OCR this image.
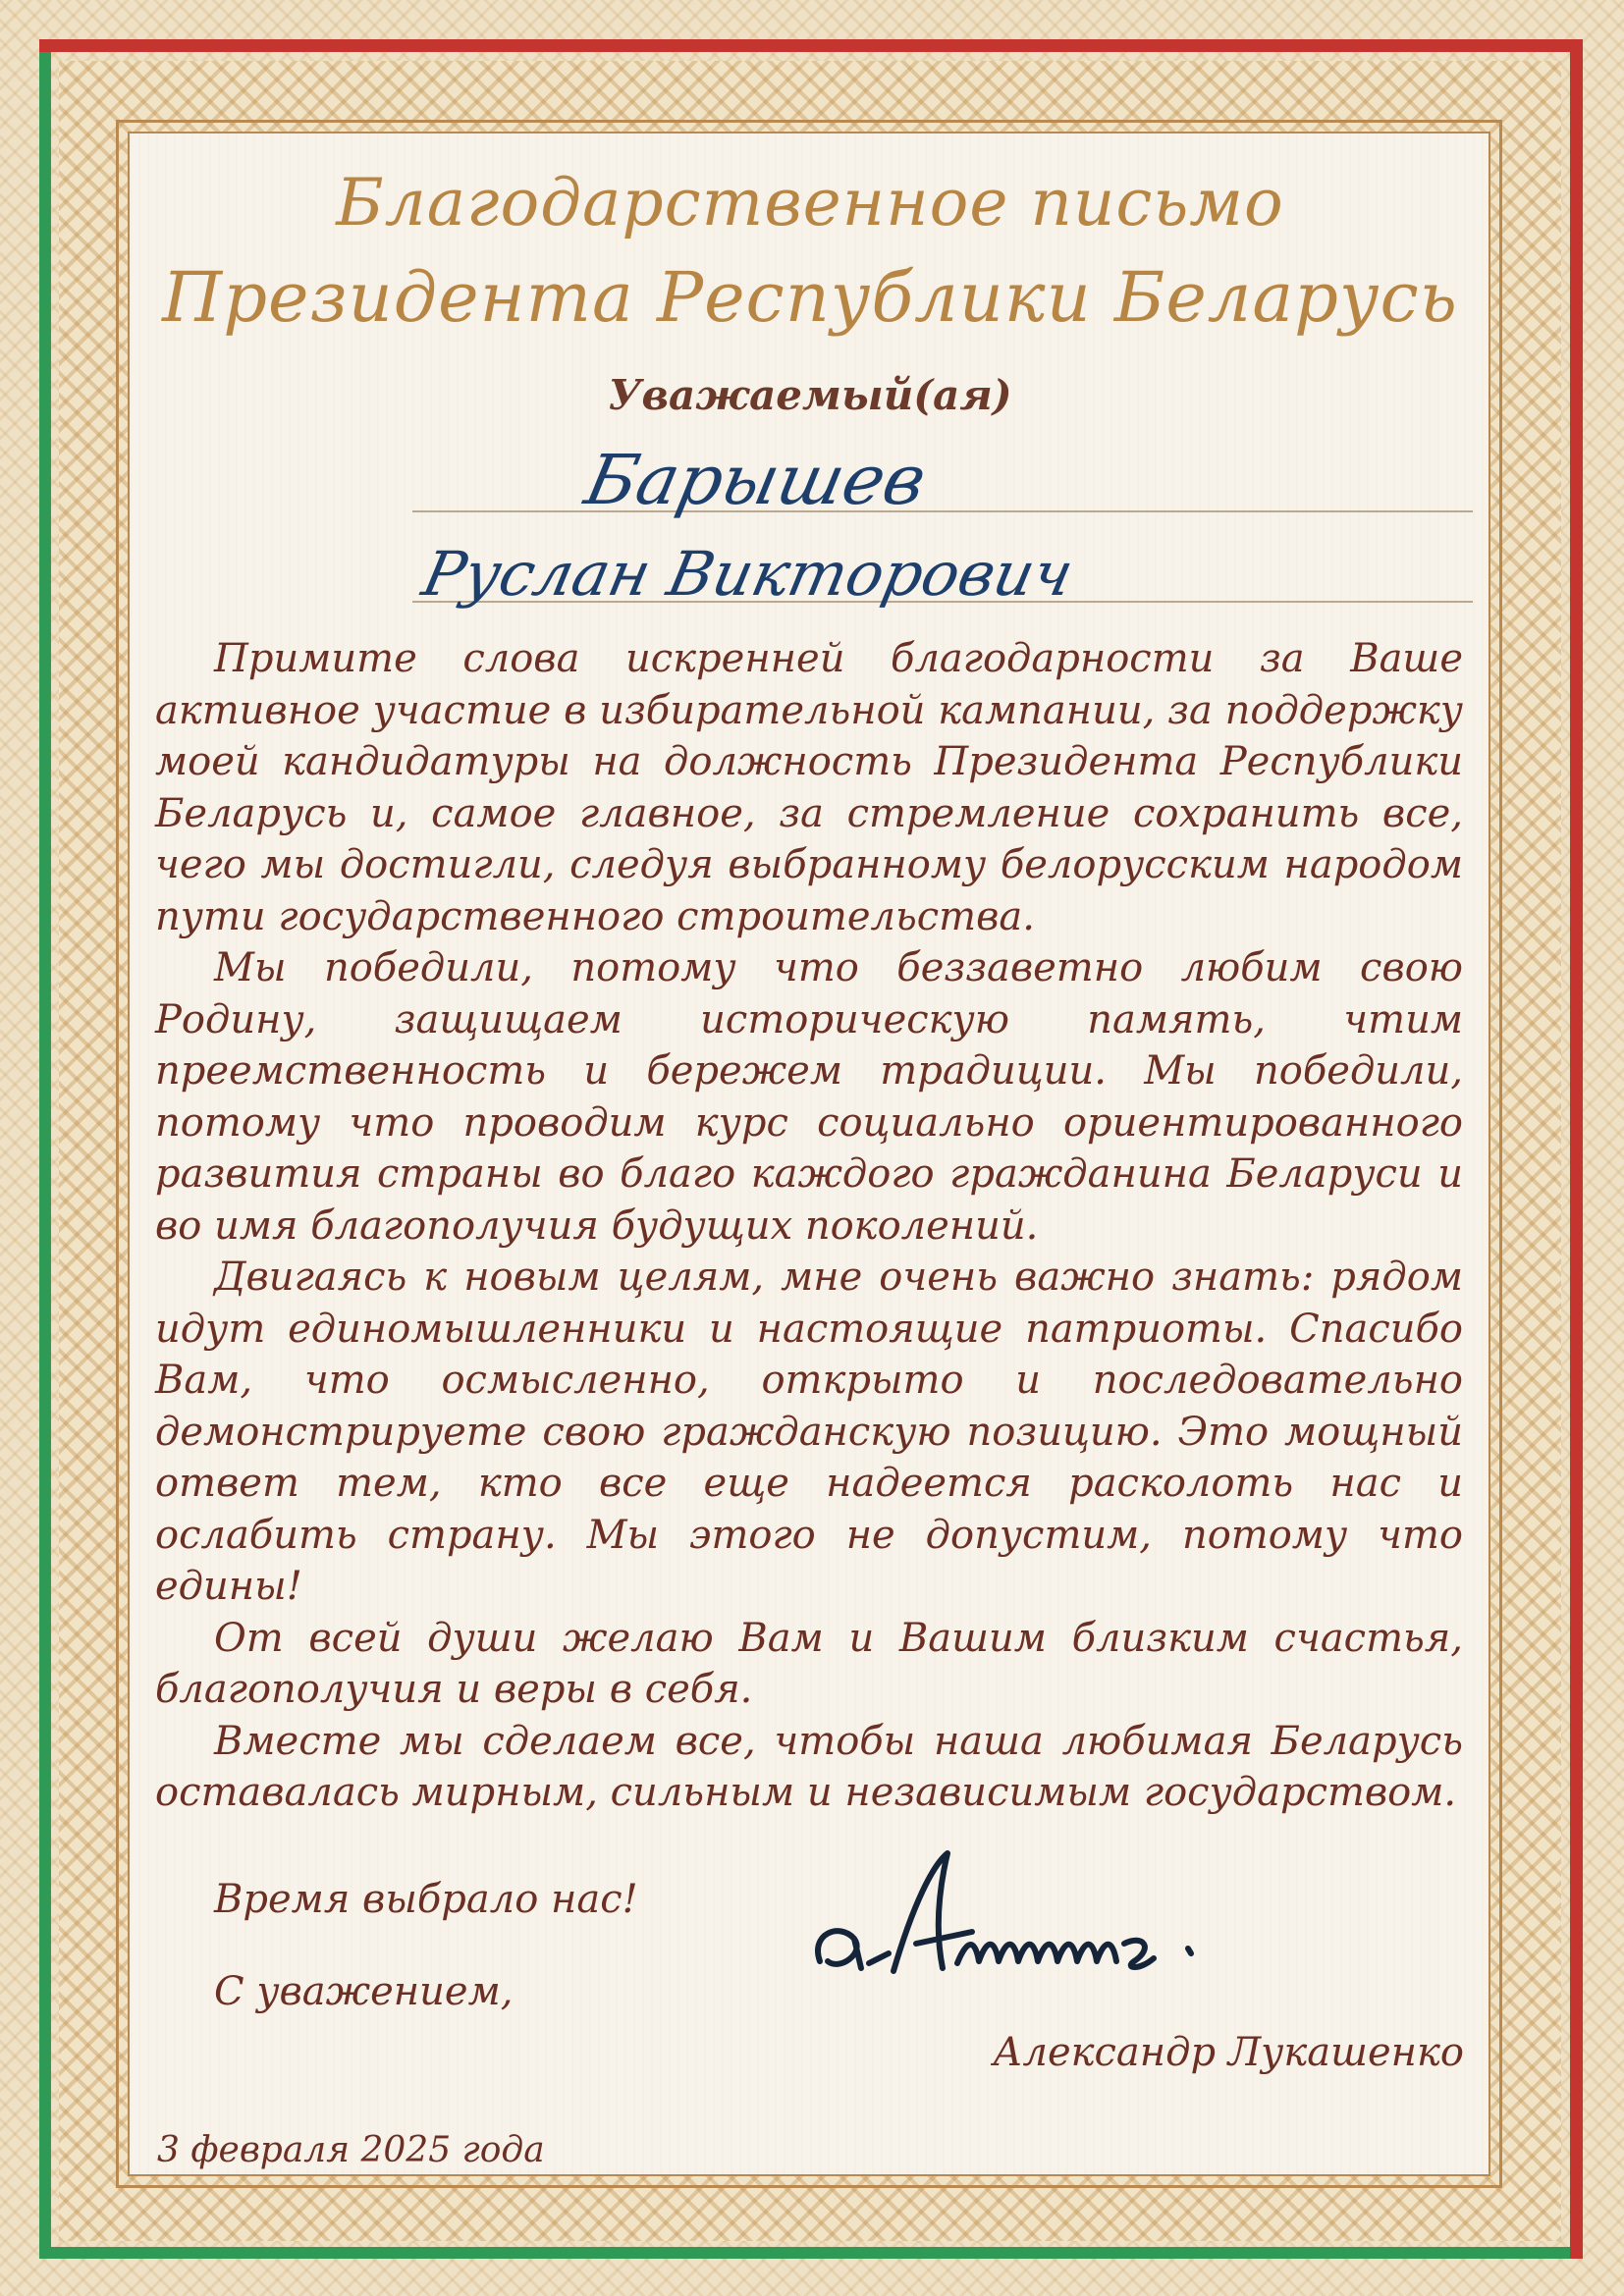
Благодарственное письмо
Президента Республики Беларусь
Уважаемый(ая)
Барышев
Руслан Викторович

Примите слова искренней благодарности за Ваше активное участие в избирательной кампании, за поддержку моей кандидатуры на должность Президента Республики Беларусь и, самое главное, за стремление сохранить все, чего мы достигли, следуя выбранному белорусским народом пути государственного строительства.

Мы победили, потому что беззаветно любим свою Родину, защищаем историческую память, чтим преемственность и бережем традиции. Мы победили, потому что проводим курс социально ориентированного развития страны во благо каждого гражданина Беларуси и во имя благополучия будущих поколений.

Двигаясь к новым целям, мне очень важно знать: рядом идут единомышленники и настоящие патриоты. Спасибо Вам, что осмысленно, открыто и последовательно демонстрируете свою гражданскую позицию. Это мощный ответ тем, кто все еще надеется расколоть нас и ослабить страну. Мы этого не допустим, потому что едины!

От всей души желаю Вам и Вашим близким счастья, благополучия и веры в себя.

Вместе мы сделаем все, чтобы наша любимая Беларусь оставалась мирным, сильным и независимым государством.

Время выбрало нас!
С уважением,
Александр Лукашенко
3 февраля 2025 года
